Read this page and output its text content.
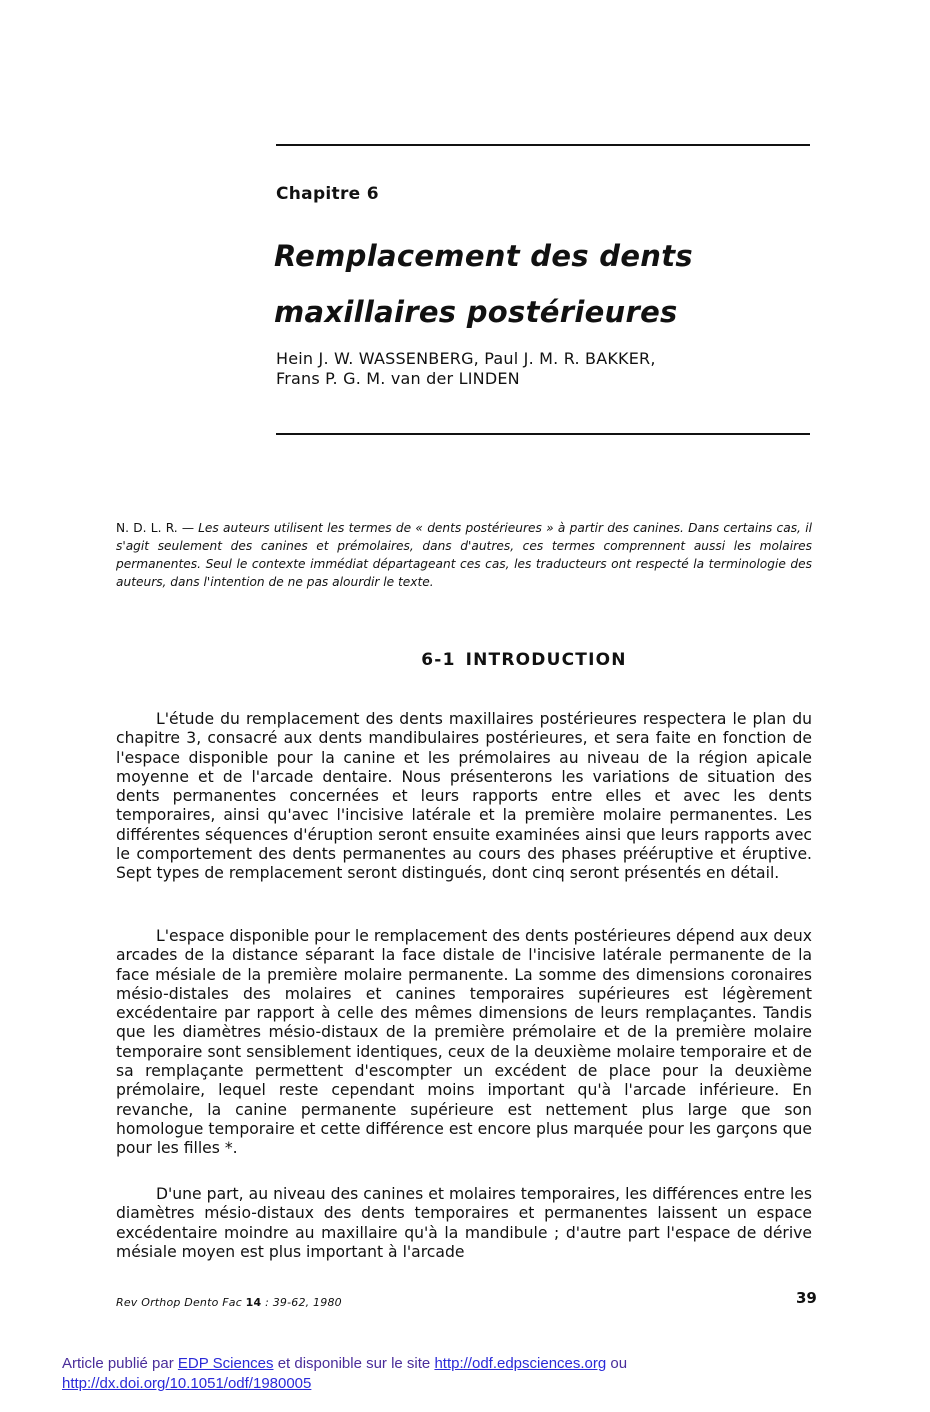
Chapitre 6
Remplacement des dents
maxillaires postérieures
Hein J. W. WASSENBERG, Paul J. M. R. BAKKER,
Frans P. G. M. van der LINDEN
N. D. L. R. — Les auteurs utilisent les termes de « dents postérieures » à partir des canines. Dans certains cas, il s'agit seulement des canines et prémolaires, dans d'autres, ces termes comprennent aussi les molaires permanentes. Seul le contexte immédiat départageant ces cas, les traducteurs ont respecté la terminologie des auteurs, dans l'intention de ne pas alourdir le texte.
6-1 INTRODUCTION

L'étude du remplacement des dents maxillaires postérieures respectera le plan du chapitre 3, consacré aux dents mandibulaires postérieures, et sera faite en fonction de l'espace disponible pour la canine et les prémolaires au niveau de la région apicale moyenne et de l'arcade dentaire. Nous présenterons les variations de situation des dents permanentes concernées et leurs rapports entre elles et avec les dents temporaires, ainsi qu'avec l'incisive latérale et la première molaire permanentes. Les différentes séquences d'éruption seront ensuite examinées ainsi que leurs rapports avec le comportement des dents permanentes au cours des phases prééruptive et éruptive. Sept types de remplacement seront distingués, dont cinq seront présentés en détail.

L'espace disponible pour le remplacement des dents postérieures dépend aux deux arcades de la distance séparant la face distale de l'incisive latérale permanente de la face mésiale de la première molaire permanente. La somme des dimensions coronaires mésio-distales des molaires et canines temporaires supérieures est légèrement excédentaire par rapport à celle des mêmes dimensions de leurs remplaçantes. Tandis que les diamètres mésio-distaux de la première prémolaire et de la première molaire temporaire sont sensiblement identiques, ceux de la deuxième molaire temporaire et de sa remplaçante permettent d'escompter un excédent de place pour la deuxième prémolaire, lequel reste cependant moins important qu'à l'arcade inférieure. En revanche, la canine permanente supérieure est nettement plus large que son homologue temporaire et cette différence est encore plus marquée pour les garçons que pour les filles *.

D'une part, au niveau des canines et molaires temporaires, les différences entre les diamètres mésio-distaux des dents temporaires et permanentes laissent un espace excédentaire moindre au maxillaire qu'à la mandibule ; d'autre part l'espace de dérive mésiale moyen est plus important à l'arcade

Rev Orthop Dento Fac 14 : 39-62, 1980	39
Article publié par EDP Sciences et disponible sur le site http://odf.edpsciences.org ou
http://dx.doi.org/10.1051/odf/1980005
